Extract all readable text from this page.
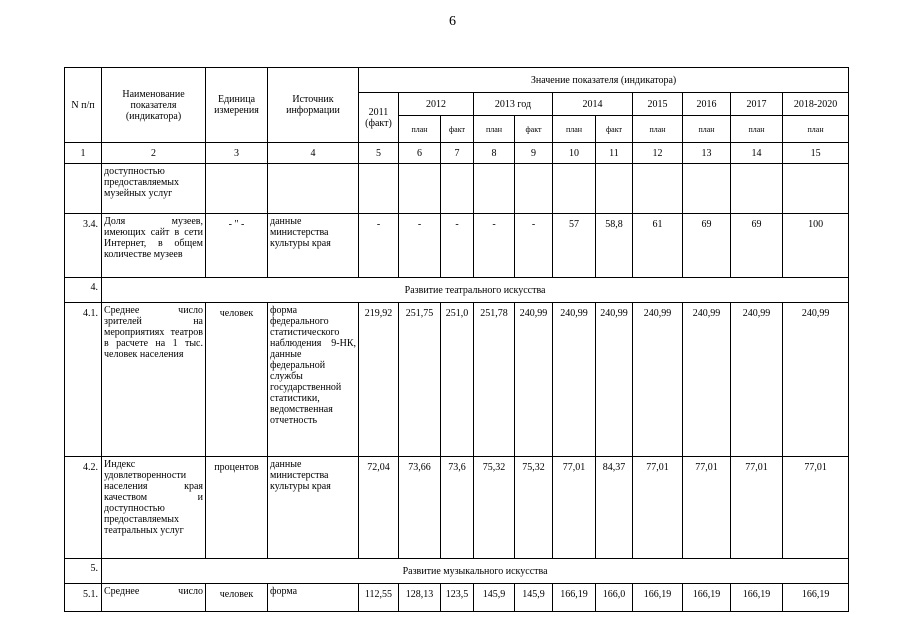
6
N п/п	Наименование показателя (индикатора)	Единица измерения	Источник информации	Значение показателя (индикатора)										
				2011 (факт)	2012		2013 год		2014		2015	2016	2017	2018-2020
					план	факт	план	факт	план	факт	план	план	план	план
1	2	3	4	5	6	7	8	9	10	11	12	13	14	15
	доступностью предоставляемых музейных услуг													
3.4.	Доля музеев, имеющих сайт в сети Интернет, в общем количестве музеев	- " -	данные министерства культуры края	-	-	-	-	-	57	58,8	61	69	69	100
4.	Развитие театрального искусства													
4.1.	Среднее число зрителей на мероприятиях театров в расчете на 1 тыс. человек населения	человек	форма федерального статистического наблюдения 9-НК, данные федеральной службы государственной статистики, ведомственная отчетность	219,92	251,75	251,0	251,78	240,99	240,99	240,99	240,99	240,99	240,99	240,99
4.2.	Индекс удовлетворенности населения края качеством и доступностью предоставляемых театральных услуг	процентов	данные министерства культуры края	72,04	73,66	73,6	75,32	75,32	77,01	84,37	77,01	77,01	77,01	77,01
5.	Развитие музыкального искусства													
5.1.	Среднее число	человек	форма	112,55	128,13	123,5	145,9	145,9	166,19	166,0	166,19	166,19	166,19	166,19
